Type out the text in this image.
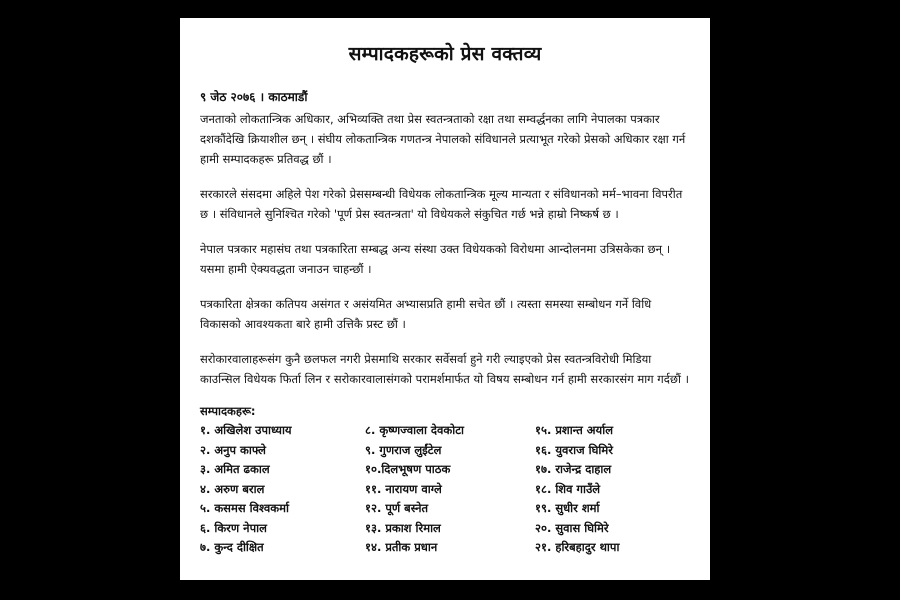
सम्पादकहरूको प्रेस वक्तव्य
९ जेठ २०७६ । काठमाडौं

जनताको लोकतान्त्रिक अधिकार, अभिव्यक्ति तथा प्रेस स्वतन्त्रताको रक्षा तथा सम्वर्द्धनका लागि नेपालका पत्रकार दशकौंदेखि क्रियाशील छन् । संघीय लोकतान्त्रिक गणतन्त्र नेपालको संविधानले प्रत्याभूत गरेको प्रेसको अधिकार रक्षा गर्न हामी सम्पादकहरू प्रतिवद्ध छौं ।

सरकारले संसदमा अहिले पेश गरेको प्रेससम्बन्धी विधेयक लोकतान्त्रिक मूल्य मान्यता र संविधानको मर्म–भावना विपरीत छ । संविधानले सुनिश्चित गरेको 'पूर्ण प्रेस स्वतन्त्रता' यो विधेयकले संकुचित गर्छ भन्ने हाम्रो निष्कर्ष छ ।

नेपाल पत्रकार महासंघ तथा पत्रकारिता सम्बद्ध अन्य संस्था उक्त विधेयकको विरोधमा आन्दोलनमा उत्रिसकेका छन् । यसमा हामी ऐक्यवद्धता जनाउन चाहन्छौं ।

पत्रकारिता क्षेत्रका कतिपय असंगत र असंयमित अभ्यासप्रति हामी सचेत छौं । त्यस्ता समस्या सम्बोधन गर्ने विधि विकासको आवश्यकता बारे हामी उत्तिकै प्रस्ट छौं ।

सरोकारवालाहरूसंग कुनै छलफल नगरी प्रेसमाथि सरकार सर्वेसर्वा हुने गरी ल्याइएको प्रेस स्वतन्त्रविरोधी मिडिया काउन्सिल विधेयक फिर्ता लिन र सरोकारवालासंगको परामर्शमार्फत यो विषय सम्बोधन गर्न हामी सरकारसंग माग गर्दछौं ।

सम्पादकहरू:
१. अखिलेश उपाध्याय	८. कृष्णज्वाला देवकोटा	१५. प्रशान्त अर्याल
२. अनुप काफ्ले	९. गुणराज लुईंटेल	१६. युवराज घिमिरे
३. अमित ढकाल	१०.दिलभूषण पाठक	१७. राजेन्द्र दाहाल
४. अरुण बराल	११. नारायण वाग्ले	१८. शिव गाउँले
५. कसमस विश्वकर्मा	१२. पूर्ण बस्नेत	१९. सुधीर शर्मा
६. किरण नेपाल	१३. प्रकाश रिमाल	२०. सुवास घिमिरे
७. कुन्द दीक्षित	१४. प्रतीक प्रधान	२१. हरिबहादुर थापा
